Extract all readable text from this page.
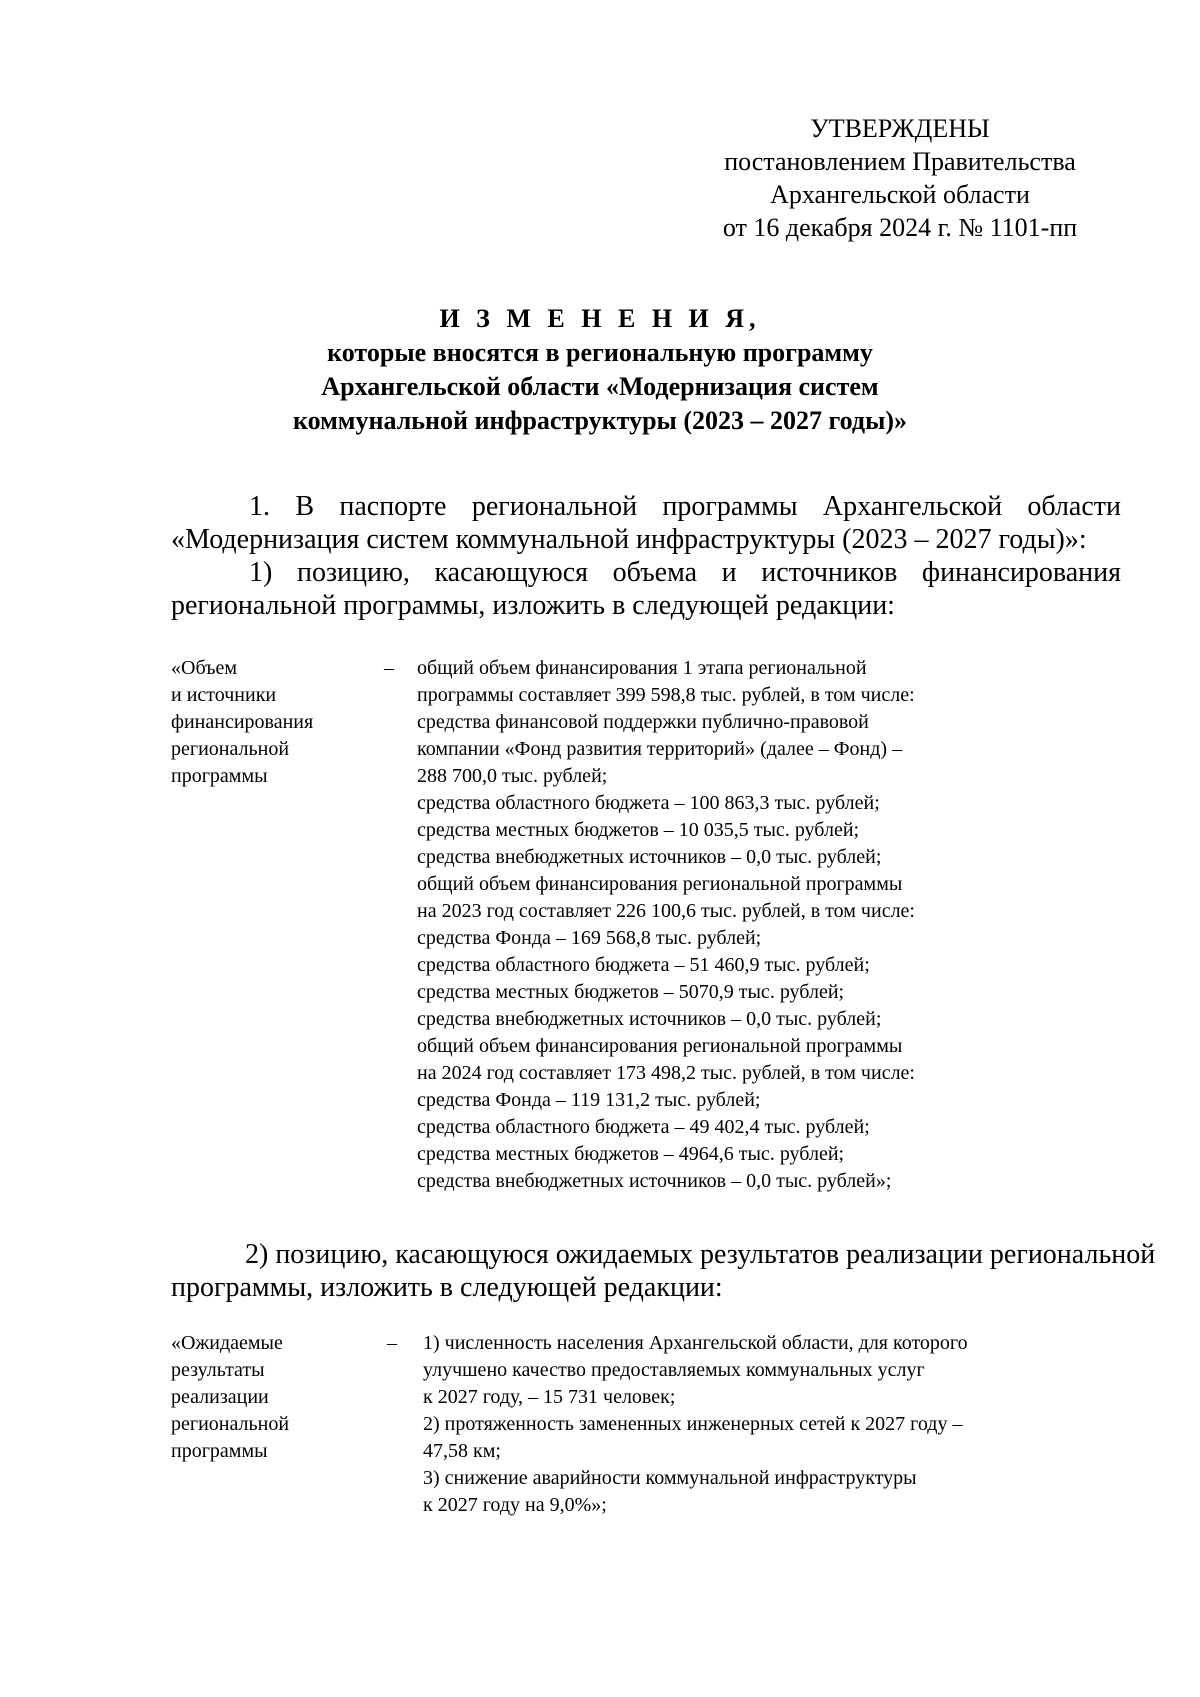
УТВЕРЖДЕНЫ
постановлением Правительства
Архангельской области
от 16 декабря 2024 г. № 1101-пп
И З М Е Н Е Н И Я,
которые вносятся в региональную программу
Архангельской области «Модернизация систем
коммунальной инфраструктуры (2023 – 2027 годы)»
1. В паспорте региональной программы Архангельской области
«Модернизация систем коммунальной инфраструктуры (2023 – 2027 годы)»:
1) позицию, касающуюся объема и источников финансирования
региональной программы, изложить в следующей редакции:
«Объем
и источники
финансирования
региональной
программы
– общий объем финансирования 1 этапа региональной
программы составляет 399 598,8 тыс. рублей, в том числе:
средства финансовой поддержки публично-правовой
компании «Фонд развития территорий» (далее – Фонд) –
288 700,0 тыс. рублей;
средства областного бюджета – 100 863,3 тыс. рублей;
средства местных бюджетов – 10 035,5 тыс. рублей;
средства внебюджетных источников – 0,0 тыс. рублей;
общий объем финансирования региональной программы
на 2023 год составляет 226 100,6 тыс. рублей, в том числе:
средства Фонда – 169 568,8 тыс. рублей;
средства областного бюджета – 51 460,9 тыс. рублей;
средства местных бюджетов – 5070,9 тыс. рублей;
средства внебюджетных источников – 0,0 тыс. рублей;
общий объем финансирования региональной программы
на 2024 год составляет 173 498,2 тыс. рублей, в том числе:
средства Фонда – 119 131,2 тыс. рублей;
средства областного бюджета – 49 402,4 тыс. рублей;
средства местных бюджетов – 4964,6 тыс. рублей;
средства внебюджетных источников – 0,0 тыс. рублей»;
2) позицию, касающуюся ожидаемых результатов реализации региональной
программы, изложить в следующей редакции:
«Ожидаемые
результаты
реализации
региональной
программы
– 1) численность населения Архангельской области, для которого
улучшено качество предоставляемых коммунальных услуг
к 2027 году, – 15 731 человек;
2) протяженность замененных инженерных сетей к 2027 году –
47,58 км;
3) снижение аварийности коммунальной инфраструктуры
к 2027 году на 9,0%»;
